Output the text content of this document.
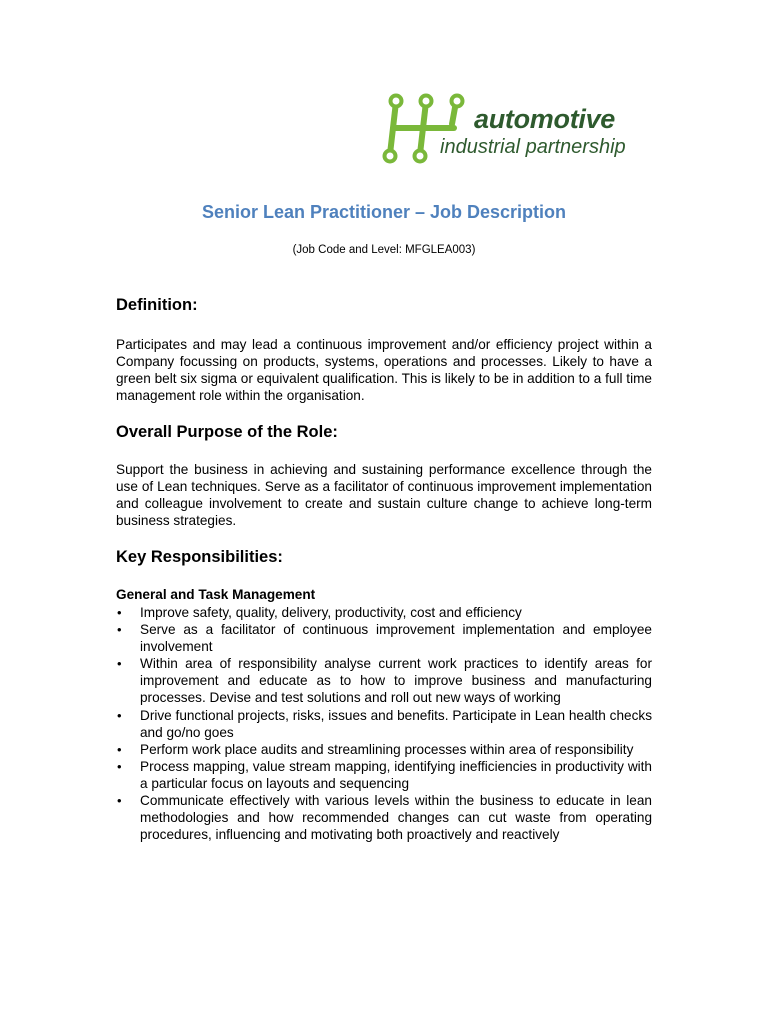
automotive
industrial partnership

Senior Lean Practitioner – Job Description

(Job Code and Level: MFGLEA003)

Definition:

Participates and may lead a continuous improvement and/or efficiency project within a Company focussing on products, systems, operations and processes. Likely to have a green belt six sigma or equivalent qualification. This is likely to be in addition to a full time management role within the organisation.

Overall Purpose of the Role:

Support the business in achieving and sustaining performance excellence through the use of Lean techniques. Serve as a facilitator of continuous improvement implementation and colleague involvement to create and sustain culture change to achieve long-term business strategies.

Key Responsibilities:

General and Task Management

• Improve safety, quality, delivery, productivity, cost and efficiency
• Serve as a facilitator of continuous improvement implementation and employee involvement
• Within area of responsibility analyse current work practices to identify areas for improvement and educate as to how to improve business and manufacturing processes. Devise and test solutions and roll out new ways of working
• Drive functional projects, risks, issues and benefits. Participate in Lean health checks and go/no goes
• Perform work place audits and streamlining processes within area of responsibility
• Process mapping, value stream mapping, identifying inefficiencies in productivity with a particular focus on layouts and sequencing
• Communicate effectively with various levels within the business to educate in lean methodologies and how recommended changes can cut waste from operating procedures, influencing and motivating both proactively and reactively
